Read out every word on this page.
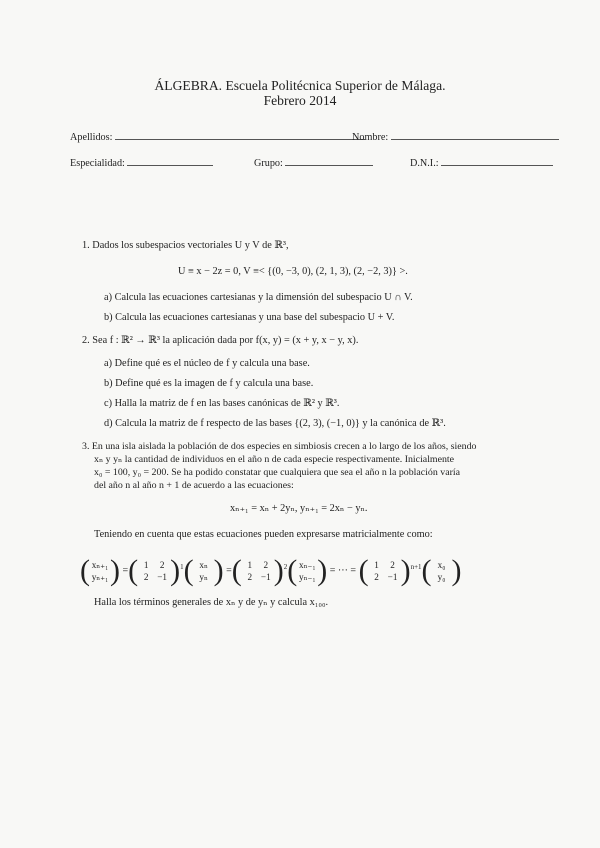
ÁLGEBRA. Escuela Politécnica Superior de Málaga.
Febrero 2014
Apellidos:	Nombre:
Especialidad:	Grupo:	D.N.I.:
1. Dados los subespacios vectoriales U y V de ℝ³,
U ≡ x − 2z = 0, V ≡< {(0, −3, 0), (2, 1, 3), (2, −2, 3)} >.
a) Calcula las ecuaciones cartesianas y la dimensión del subespacio U ∩ V.
b) Calcula las ecuaciones cartesianas y una base del subespacio U + V.
2. Sea f : ℝ² → ℝ³ la aplicación dada por f(x, y) = (x + y, x − y, x).
a) Define qué es el núcleo de f y calcula una base.
b) Define qué es la imagen de f y calcula una base.
c) Halla la matriz de f en las bases canónicas de ℝ² y ℝ³.
d) Calcula la matriz de f respecto de las bases {(2, 3), (−1, 0)} y la canónica de ℝ³.
3. En una isla aislada la población de dos especies en simbiosis crecen a lo largo de los años, siendo
xₙ y yₙ la cantidad de individuos en el año n de cada especie respectivamente. Inicialmente
x₀ = 100, y₀ = 200. Se ha podido constatar que cualquiera que sea el año n la población varía
del año n al año n + 1 de acuerdo a las ecuaciones:
xₙ₊₁ = xₙ + 2yₙ, yₙ₊₁ = 2xₙ − yₙ.
Teniendo en cuenta que estas ecuaciones pueden expresarse matricialmente como:
( xₙ₊₁
yₙ₊₁ ) =( 1	2
2 −1 )$^1$( xₙ
yₙ ) =( 1	2
2 −1 )$^2$( xₙ₋₁
yₙ₋₁ ) = ··· = ( 1	2
2 −1 )$^{n+1}$( x₀
y₀ )
Halla los términos generales de xₙ y de yₙ y calcula x₁₀₀.
